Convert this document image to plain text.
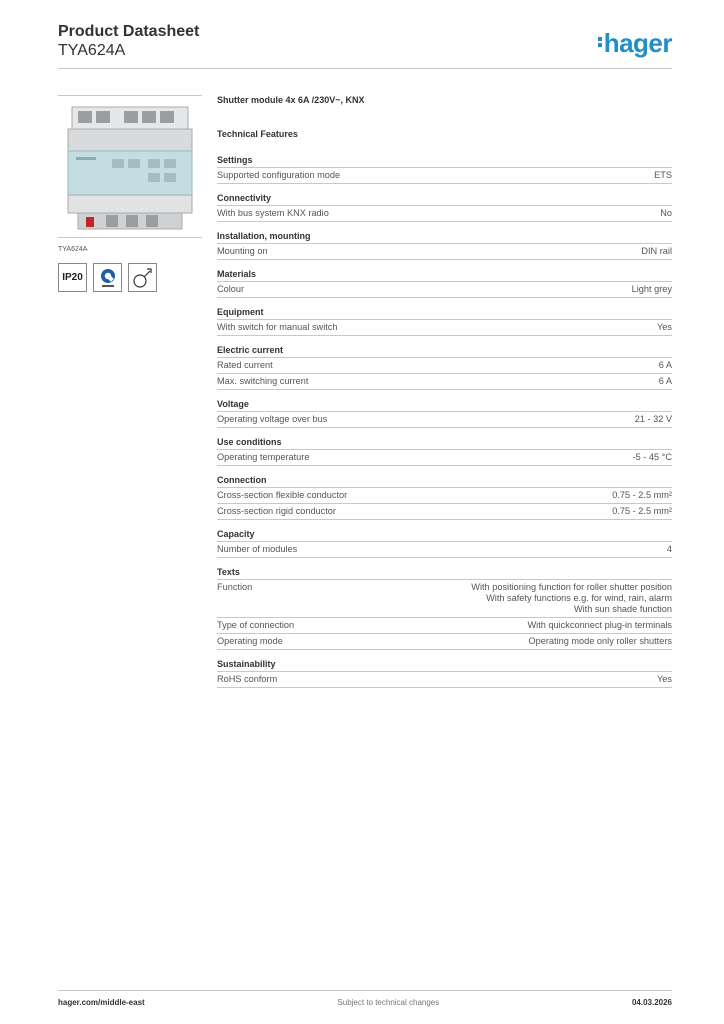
Product Datasheet
TYA624A	hager
TYA624A
IP20
Shutter module 4x 6A /230V~, KNX
Technical Features
Settings
Supported configuration mode	ETS
Connectivity
With bus system KNX radio	No
Installation, mounting
Mounting on	DIN rail
Materials
Colour	Light grey
Equipment
With switch for manual switch	Yes
Electric current
Rated current	6 A
Max. switching current	6 A
Voltage
Operating voltage over bus	21 - 32 V
Use conditions
Operating temperature	-5 - 45 °C
Connection
Cross-section flexible conductor	0.75 - 2.5 mm²
Cross-section rigid conductor	0.75 - 2.5 mm²
Capacity
Number of modules	4
Texts
Function	With positioning function for roller shutter position
With safety functions e.g. for wind, rain, alarm
With sun shade function
Type of connection	With quickconnect plug-in terminals
Operating mode	Operating mode only roller shutters
Sustainability
RoHS conform	Yes
hager.com/middle-east	Subject to technical changes	04.03.2026
